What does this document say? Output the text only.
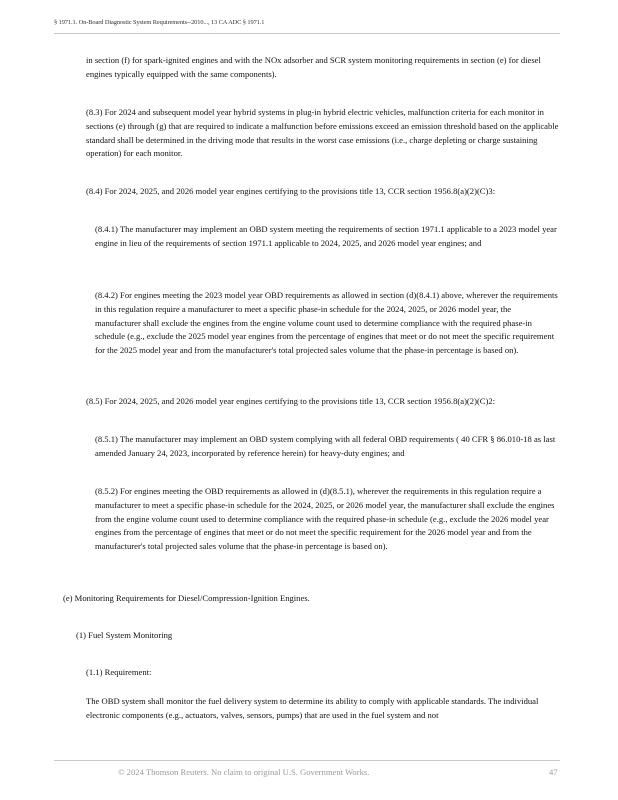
§ 1971.1. On-Board Diagnostic System Requirements--2010..., 13 CA ADC § 1971.1

in section (f) for spark-ignited engines and with the NOx adsorber and SCR system monitoring requirements in section (e) for diesel engines typically equipped with the same components).

(8.3) For 2024 and subsequent model year hybrid systems in plug-in hybrid electric vehicles, malfunction criteria for each monitor in sections (e) through (g) that are required to indicate a malfunction before emissions exceed an emission threshold based on the applicable standard shall be determined in the driving mode that results in the worst case emissions (i.e., charge depleting or charge sustaining operation) for each monitor.

(8.4) For 2024, 2025, and 2026 model year engines certifying to the provisions title 13, CCR section 1956.8(a)(2)(C)3:

(8.4.1) The manufacturer may implement an OBD system meeting the requirements of section 1971.1 applicable to a 2023 model year engine in lieu of the requirements of section 1971.1 applicable to 2024, 2025, and 2026 model year engines; and

(8.4.2) For engines meeting the 2023 model year OBD requirements as allowed in section (d)(8.4.1) above, wherever the requirements in this regulation require a manufacturer to meet a specific phase-in schedule for the 2024, 2025, or 2026 model year, the manufacturer shall exclude the engines from the engine volume count used to determine compliance with the required phase-in schedule (e.g., exclude the 2025 model year engines from the percentage of engines that meet or do not meet the specific requirement for the 2025 model year and from the manufacturer's total projected sales volume that the phase-in percentage is based on).

(8.5) For 2024, 2025, and 2026 model year engines certifying to the provisions title 13, CCR section 1956.8(a)(2)(C)2:

(8.5.1) The manufacturer may implement an OBD system complying with all federal OBD requirements ( 40 CFR § 86.010-18 as last amended January 24, 2023, incorporated by reference herein) for heavy-duty engines; and

(8.5.2) For engines meeting the OBD requirements as allowed in (d)(8.5.1), wherever the requirements in this regulation require a manufacturer to meet a specific phase-in schedule for the 2024, 2025, or 2026 model year, the manufacturer shall exclude the engines from the engine volume count used to determine compliance with the required phase-in schedule (e.g., exclude the 2026 model year engines from the percentage of engines that meet or do not meet the specific requirement for the 2026 model year and from the manufacturer's total projected sales volume that the phase-in percentage is based on).

(e) Monitoring Requirements for Diesel/Compression-Ignition Engines.

(1) Fuel System Monitoring

(1.1) Requirement:

The OBD system shall monitor the fuel delivery system to determine its ability to comply with applicable standards. The individual electronic components (e.g., actuators, valves, sensors, pumps) that are used in the fuel system and not

© 2024 Thomson Reuters. No claim to original U.S. Government Works.	47
